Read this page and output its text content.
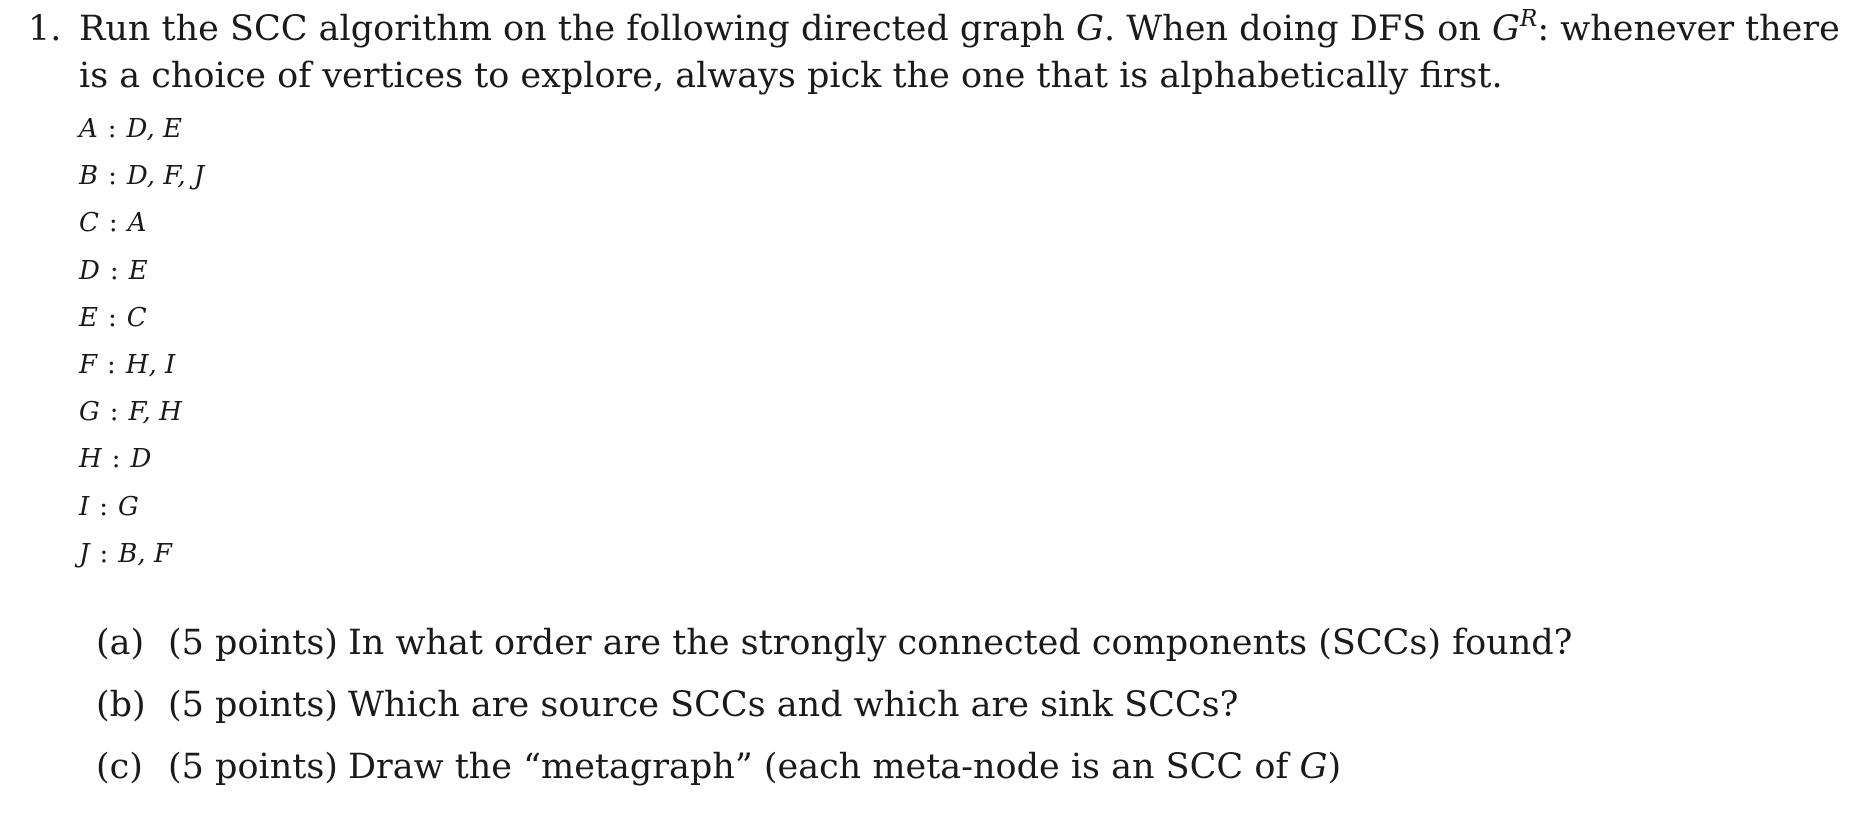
1. Run the SCC algorithm on the following directed graph G. When doing DFS on $G^R$: whenever there
is a choice of vertices to explore, always pick the one that is alphabetically first.
A : D, E
B : D, F, J
C : A
D : E
E : C
F : H, I
G : F, H
H : D
I : G
J : B, F
(a) (5 points) In what order are the strongly connected components (SCCs) found?
(b) (5 points) Which are source SCCs and which are sink SCCs?
(c) (5 points) Draw the “metagraph” (each meta-node is an SCC of G)
